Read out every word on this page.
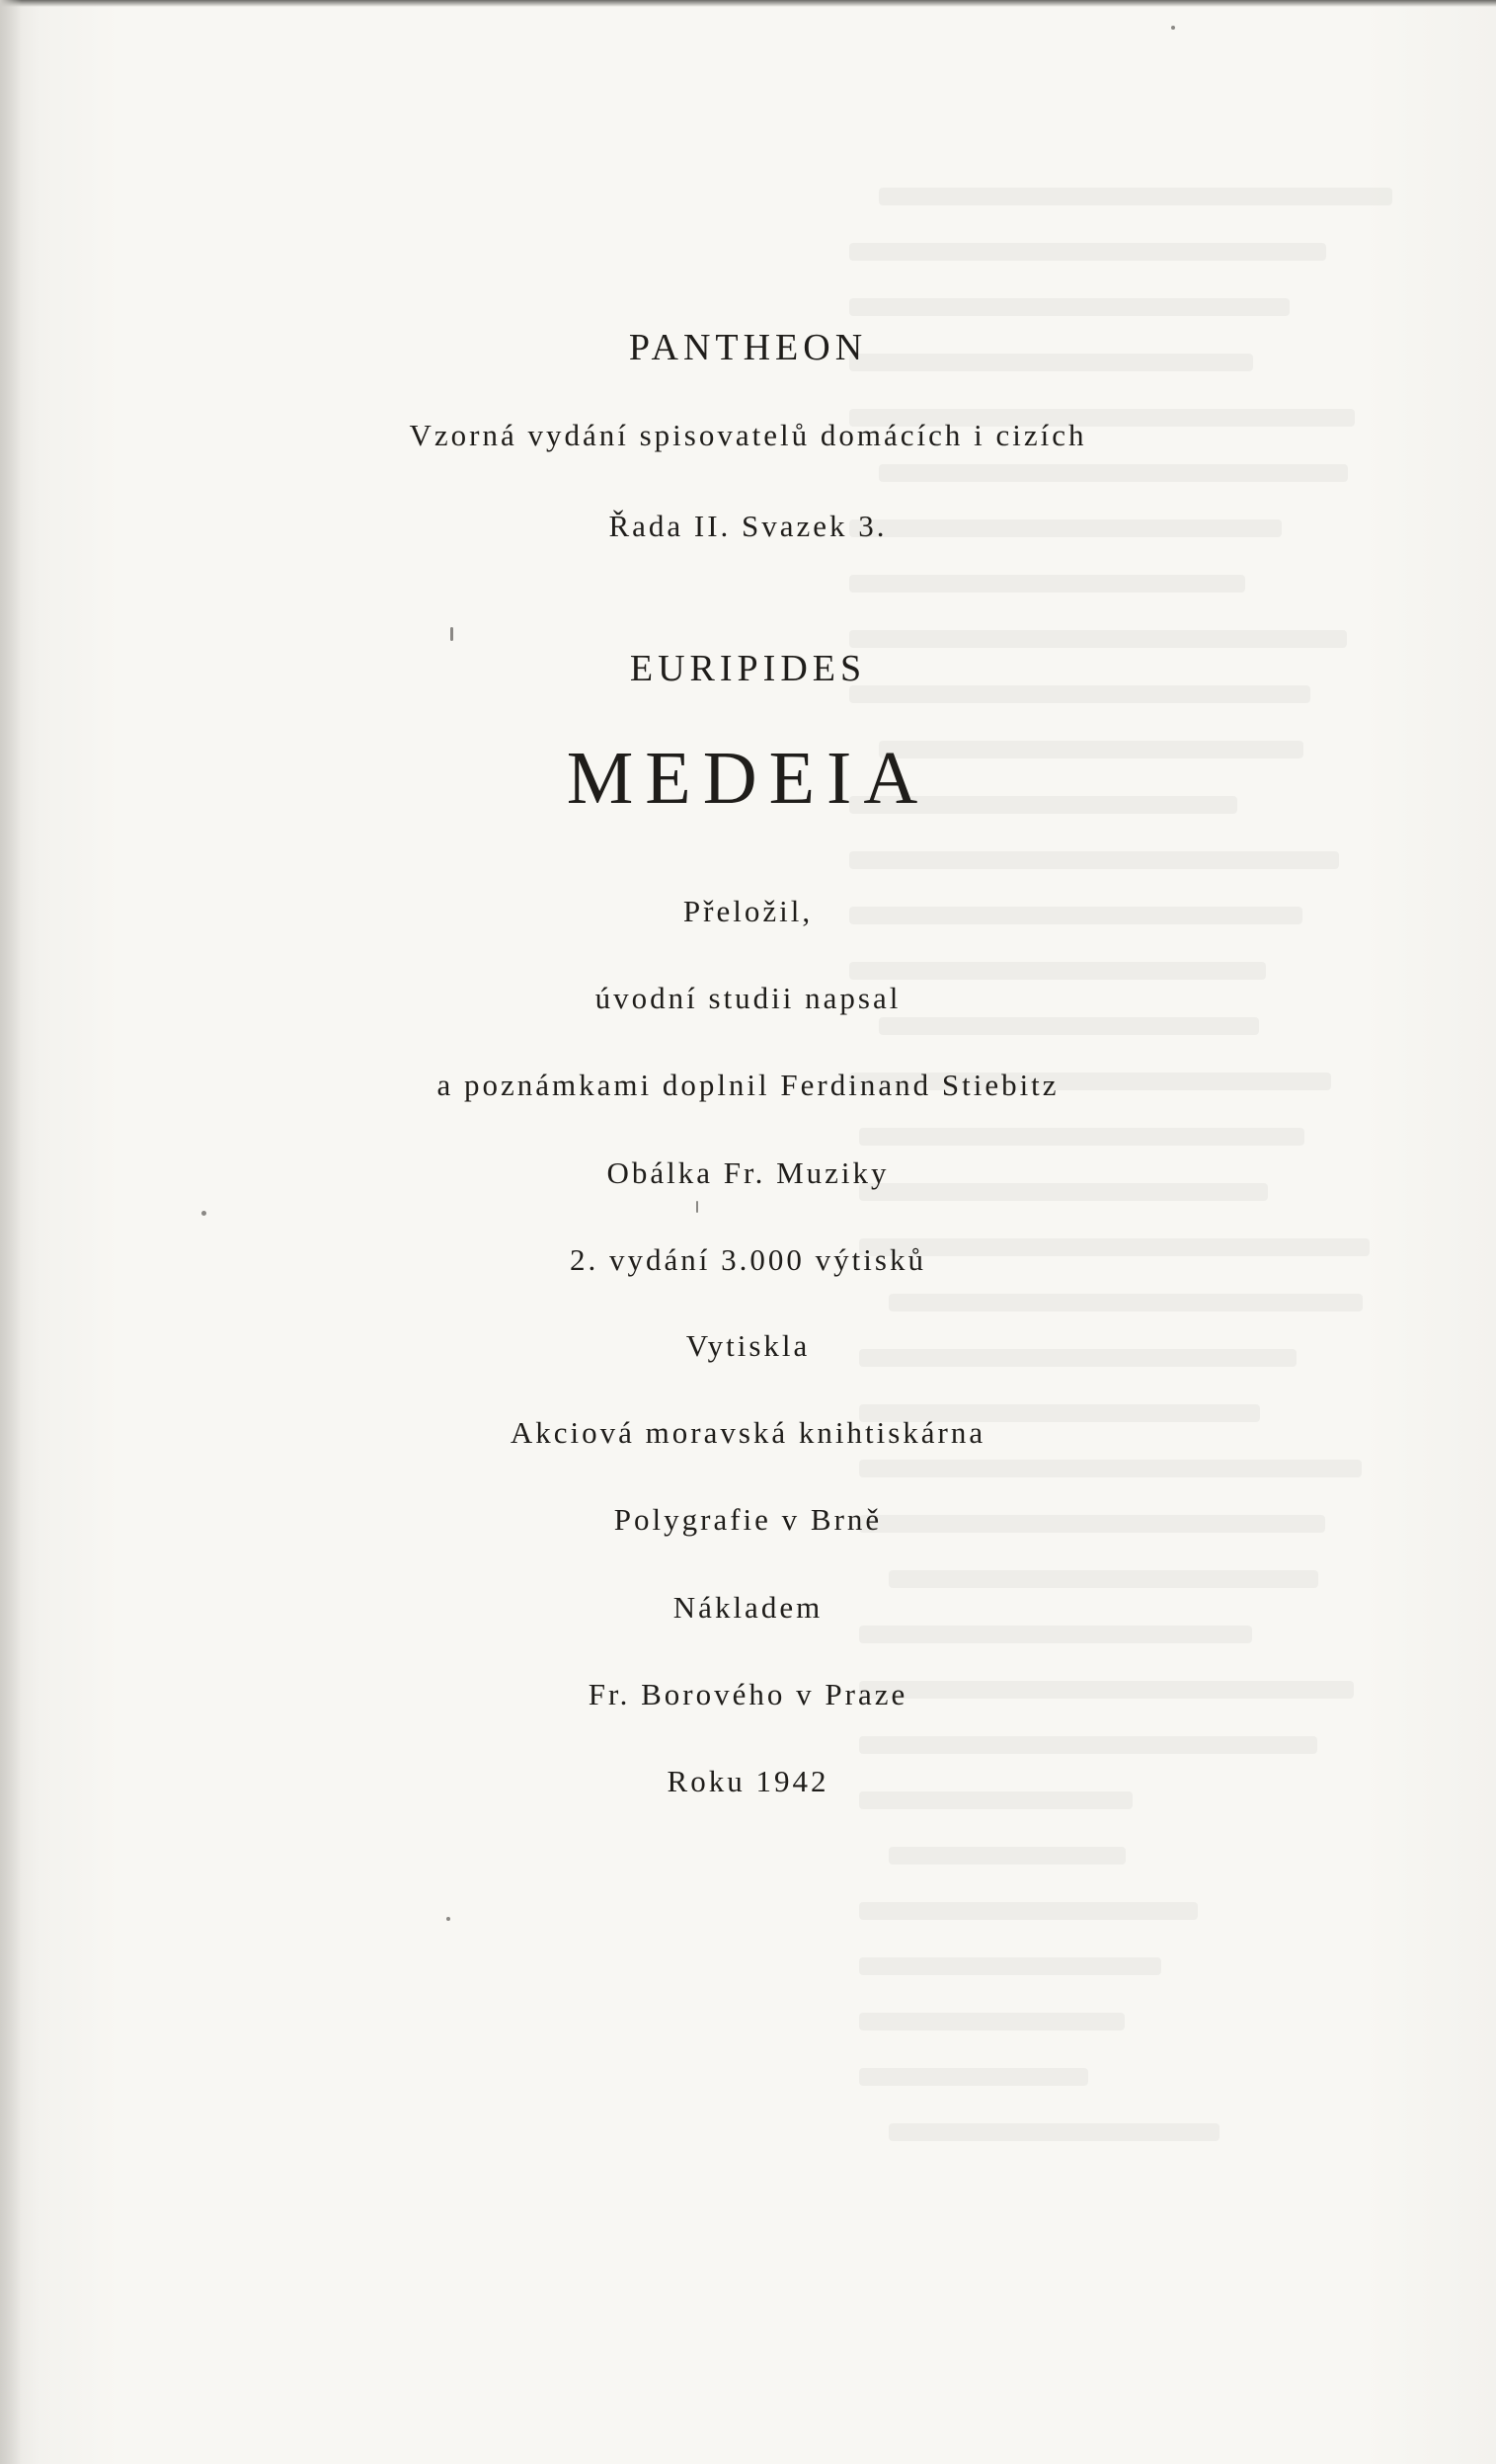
PANTHEON
Vzorná vydání spisovatelů domácích i cizích
Řada II. Svazek 3.
EURIPIDES
MEDEIA
Přeložil,
úvodní studii napsal
a poznámkami doplnil Ferdinand Stiebitz
Obálka Fr. Muziky
2. vydání 3.000 výtisků
Vytiskla
Akciová moravská knihtiskárna
Polygrafie v Brně
Nákladem
Fr. Borového v Praze
Roku 1942
